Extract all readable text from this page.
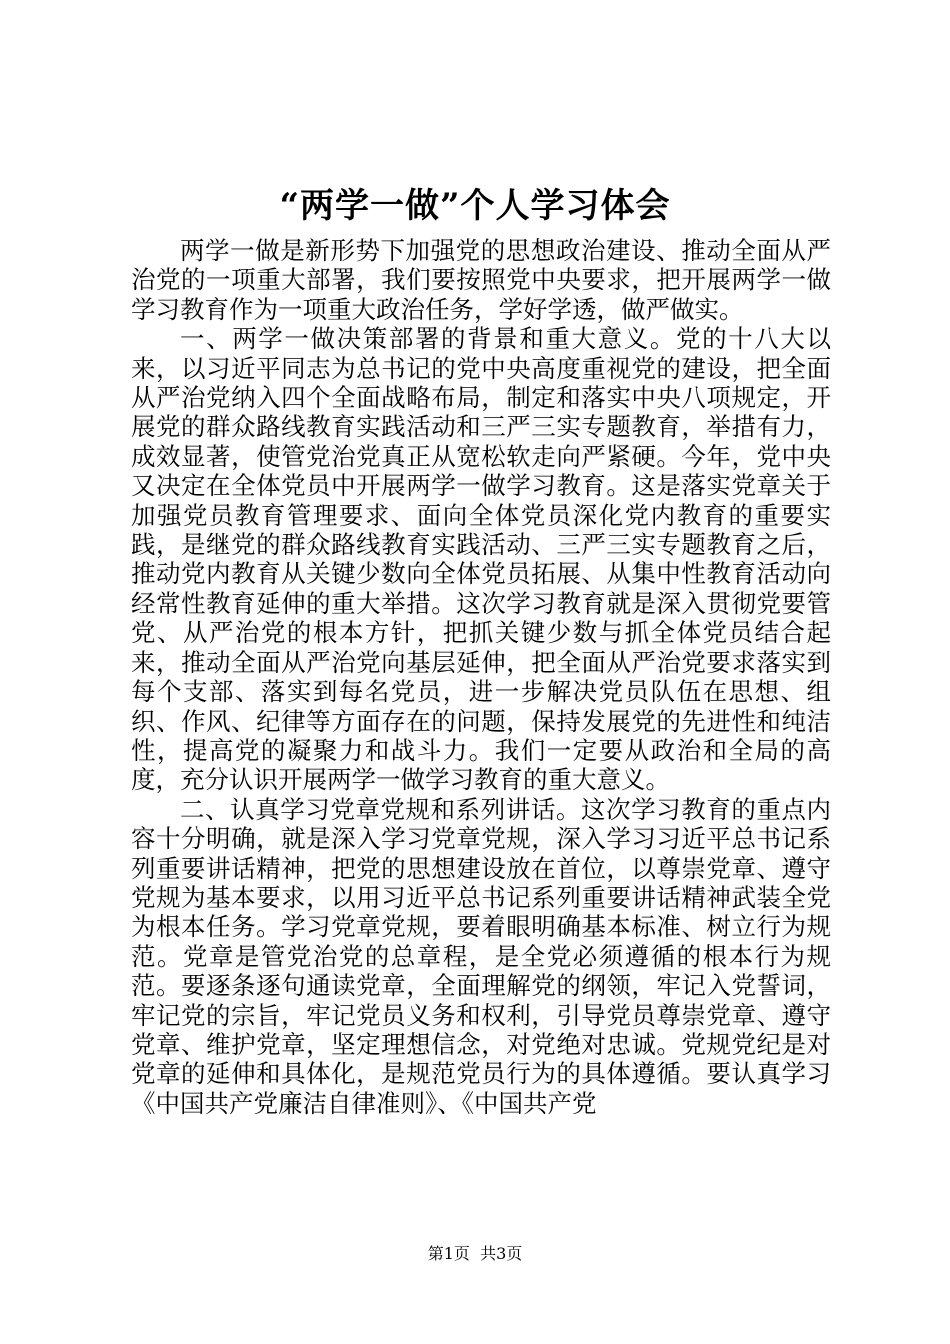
“两学一做”个人学习体会

两学一做是新形势下加强党的思想政治建设、推动全面从严治党的一项重大部署，我们要按照党中央要求，把开展两学一做学习教育作为一项重大政治任务，学好学透，做严做实。

一、两学一做决策部署的背景和重大意义。党的十八大以来，以习近平同志为总书记的党中央高度重视党的建设，把全面从严治党纳入四个全面战略布局，制定和落实中央八项规定，开展党的群众路线教育实践活动和三严三实专题教育，举措有力，成效显著，使管党治党真正从宽松软走向严紧硬。今年，党中央又决定在全体党员中开展两学一做学习教育。这是落实党章关于加强党员教育管理要求、面向全体党员深化党内教育的重要实践，是继党的群众路线教育实践活动、三严三实专题教育之后，推动党内教育从关键少数向全体党员拓展、从集中性教育活动向经常性教育延伸的重大举措。这次学习教育就是深入贯彻党要管党、从严治党的根本方针，把抓关键少数与抓全体党员结合起来，推动全面从严治党向基层延伸，把全面从严治党要求落实到每个支部、落实到每名党员，进一步解决党员队伍在思想、组织、作风、纪律等方面存在的问题，保持发展党的先进性和纯洁性，提高党的凝聚力和战斗力。我们一定要从政治和全局的高度，充分认识开展两学一做学习教育的重大意义。

二、认真学习党章党规和系列讲话。这次学习教育的重点内容十分明确，就是深入学习党章党规，深入学习习近平总书记系列重要讲话精神，把党的思想建设放在首位，以尊崇党章、遵守党规为基本要求，以用习近平总书记系列重要讲话精神武装全党为根本任务。学习党章党规，要着眼明确基本标准、树立行为规范。党章是管党治党的总章程，是全党必须遵循的根本行为规范。要逐条逐句通读党章，全面理解党的纲领，牢记入党誓词，牢记党的宗旨，牢记党员义务和权利，引导党员尊崇党章、遵守党章、维护党章，坚定理想信念，对党绝对忠诚。党规党纪是对党章的延伸和具体化，是规范党员行为的具体遵循。要认真学习《中国共产党廉洁自律准则》、《中国共产党

第1页 共3页
